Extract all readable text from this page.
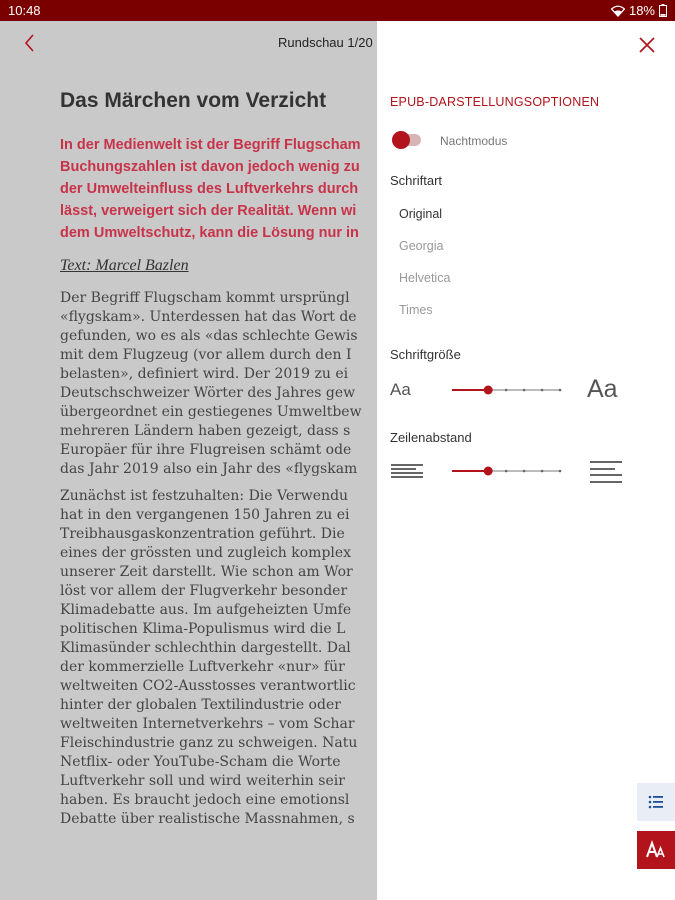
10:48	18%
Rundschau 1/20
Das Märchen vom Verzicht
In der Medienwelt ist der Begriff Flugscham
Buchungszahlen ist davon jedoch wenig zu
der Umwelteinfluss des Luftverkehrs durch
lässt, verweigert sich der Realität. Wenn wi
dem Umweltschutz, kann die Lösung nur in
Text: Marcel Bazlen
Der Begriff Flugscham kommt ursprüngl
«flygskam». Unterdessen hat das Wort de
gefunden, wo es als «das schlechte Gewis
mit dem Flugzeug (vor allem durch den I
belasten», definiert wird. Der 2019 zu ei
Deutschschweizer Wörter des Jahres gew
übergeordnet ein gestiegenes Umweltbew
mehreren Ländern haben gezeigt, dass s
Europäer für ihre Flugreisen schämt ode
das Jahr 2019 also ein Jahr des «flygskam
Zunächst ist festzuhalten: Die Verwendu
hat in den vergangenen 150 Jahren zu ei
Treibhausgaskonzentration geführt. Die
eines der grössten und zugleich komplex
unserer Zeit darstellt. Wie schon am Wor
löst vor allem der Flugverkehr besonder
Klimadebatte aus. Im aufgeheizten Umfe
politischen Klima-Populismus wird die L
Klimasünder schlechthin dargestellt. Dal
der kommerzielle Luftverkehr «nur» für
weltweiten CO2-Ausstosses verantwortlic
hinter der globalen Textilindustrie oder
weltweiten Internetverkehrs – vom Schar
Fleischindustrie ganz zu schweigen. Natu
Netflix- oder YouTube-Scham die Worte
Luftverkehr soll und wird weiterhin seir
haben. Es braucht jedoch eine emotionsl
Debatte über realistische Massnahmen, s
EPUB-DARSTELLUNGSOPTIONEN
Nachtmodus
Schriftart
Original
Georgia
Helvetica
Times
Schriftgröße
Aa	Aa
Zeilenabstand
